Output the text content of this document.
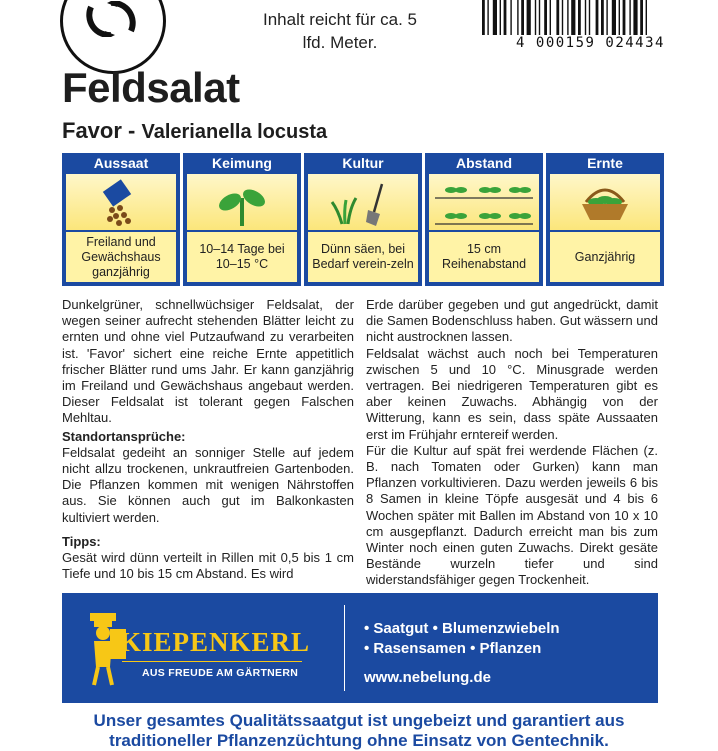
Inhalt reicht für ca. 5 lfd. Meter.	4 000159 024434
Feldsalat
Favor - Valerianella locusta
Aussaat
Freiland und Gewächshaus ganzjährig
Keimung
10–14 Tage bei 10–15 °C
Kultur
Dünn säen, bei Bedarf verein-zeln
Abstand
15 cm Reihenabstand
Ernte
Ganzjährig

Dunkelgrüner, schnellwüchsiger Feldsalat, der wegen seiner aufrecht stehenden Blätter leicht zu ernten und ohne viel Putzaufwand zu verarbeiten ist. 'Favor' sichert eine reiche Ernte appetitlich frischer Blätter rund ums Jahr. Er kann ganzjährig im Freiland und Gewächshaus angebaut werden. Dieser Feldsalat ist tolerant gegen Falschen Mehltau.

Standortansprüche:

Feldsalat gedeiht an sonniger Stelle auf jedem nicht allzu trockenen, unkrautfreien Gartenboden. Die Pflanzen kommen mit wenigen Nährstoffen aus. Sie können auch gut im Balkonkasten kultiviert werden.

Tipps:

Gesät wird dünn verteilt in Rillen mit 0,5 bis 1 cm Tiefe und 10 bis 15 cm Abstand. Es wird

Erde darüber gegeben und gut angedrückt, damit die Samen Bodenschluss haben. Gut wässern und nicht austrocknen lassen.

Feldsalat wächst auch noch bei Temperaturen zwischen 5 und 10 °C. Minusgrade werden vertragen. Bei niedrigeren Temperaturen gibt es aber keinen Zuwachs. Abhängig von der Witterung, kann es sein, dass späte Aussaaten erst im Frühjahr erntereif werden.

Für die Kultur auf spät frei werdende Flächen (z. B. nach Tomaten oder Gurken) kann man Pflanzen vorkultivieren. Dazu werden jeweils 6 bis 8 Samen in kleine Töpfe ausgesät und 4 bis 6 Wochen später mit Ballen im Abstand von 10 x 10 cm ausgepflanzt. Dadurch erreicht man bis zum Winter noch einen guten Zuwachs. Direkt gesäte Bestände wurzeln tiefer und sind widerstandsfähiger gegen Trockenheit.

KIEPENKERL
AUS FREUDE AM GÄRTNERN
• Saatgut • Blumenzwiebeln
• Rasensamen • Pflanzen
www.nebelung.de
Unser gesamtes Qualitätssaatgut ist ungebeizt und garantiert aus
traditioneller Pflanzenzüchtung ohne Einsatz von Gentechnik.
